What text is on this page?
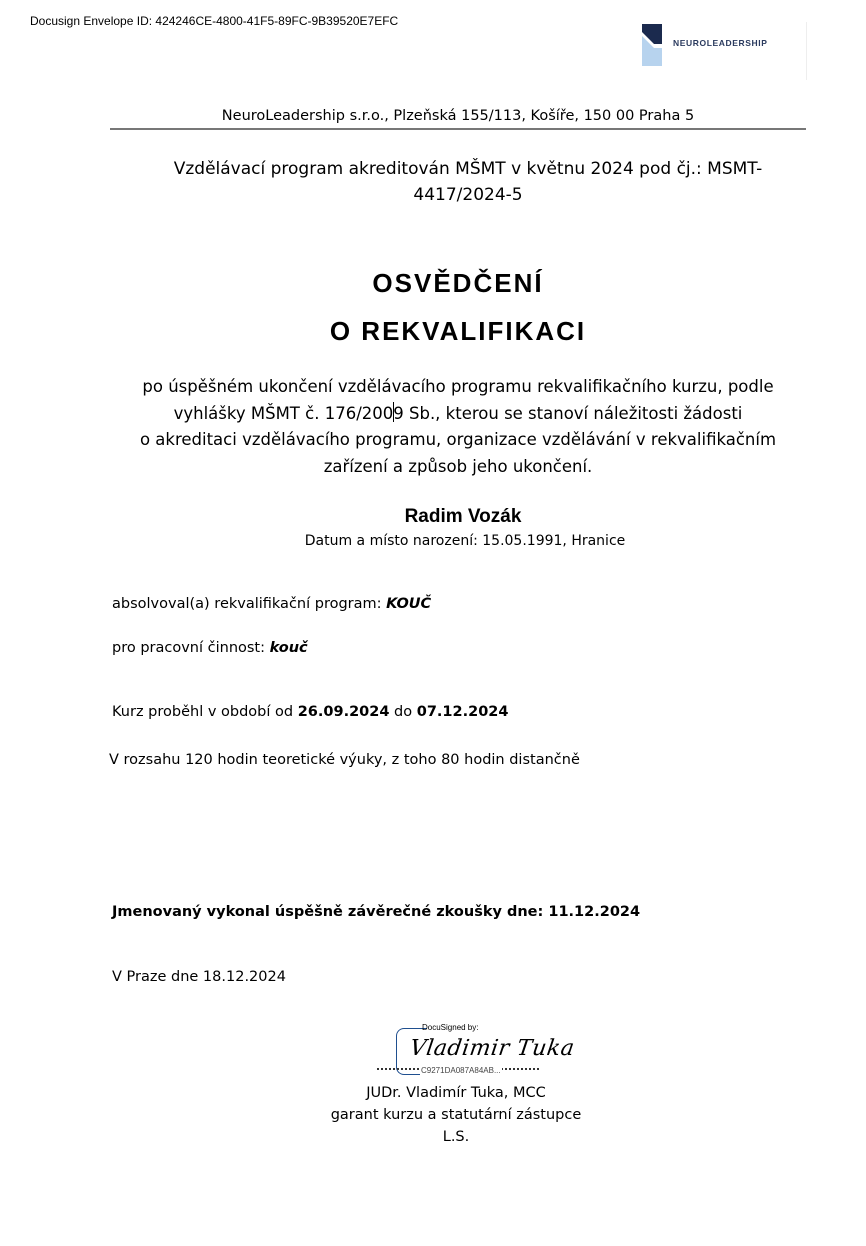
Docusign Envelope ID: 424246CE-4800-41F5-89FC-9B39520E7EFC
NEUROLEADERSHIP
NeuroLeadership s.r.o., Plzeňská 155/113, Košíře, 150 00 Praha 5
Vzdělávací program akreditován MŠMT v květnu 2024 pod čj.: MSMT-
4417/2024-5
OSVĚDČENÍ
O REKVALIFIKACI
po úspěšném ukončení vzdělávacího programu rekvalifikačního kurzu, podle
vyhlášky MŠMT č. 176/2009 Sb., kterou se stanoví náležitosti žádosti
o akreditaci vzdělávacího programu, organizace vzdělávání v rekvalifikačním
zařízení a způsob jeho ukončení.
Radim Vozák
Datum a místo narození: 15.05.1991, Hranice
absolvoval(a) rekvalifikační program: KOUČ
pro pracovní činnost: kouč
Kurz proběhl v období od 26.09.2024 do 07.12.2024
V rozsahu 120 hodin teoretické výuky, z toho 80 hodin distančně
Jmenovaný vykonal úspěšně závěrečné zkoušky dne: 11.12.2024
V Praze dne 18.12.2024
DocuSigned by:
Vladimir Tuka
C9271DA087A84AB...
JUDr. Vladimír Tuka, MCC
garant kurzu a statutární zástupce
L.S.
